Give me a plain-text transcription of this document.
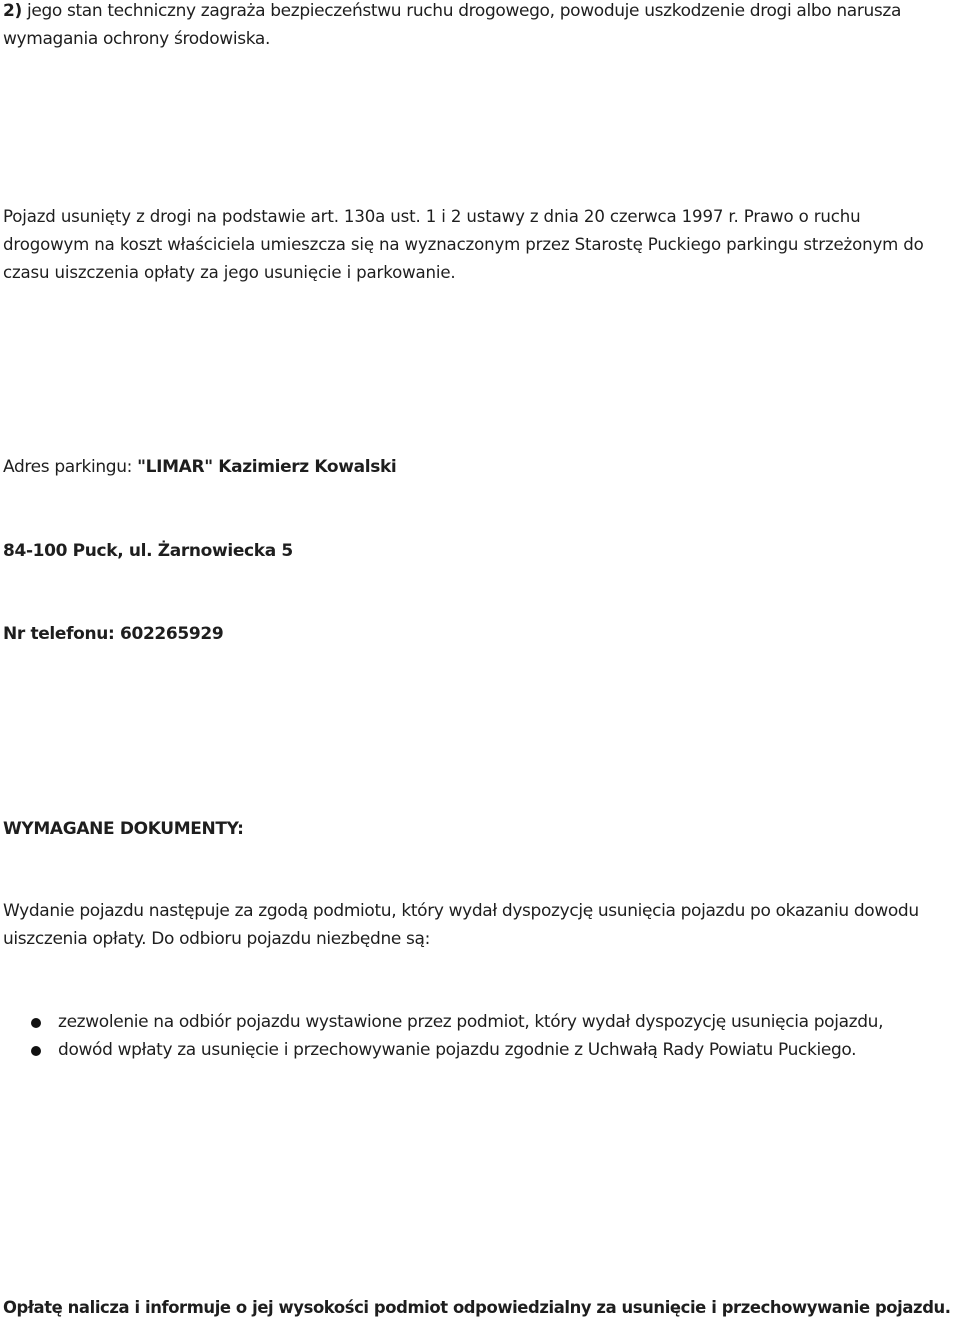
2) jego stan techniczny zagraża bezpieczeństwu ruchu drogowego, powoduje uszkodzenie drogi albo narusza wymagania ochrony środowiska.

Pojazd usunięty z drogi na podstawie art. 130a ust. 1 i 2 ustawy z dnia 20 czerwca 1997 r. Prawo o ruchu drogowym na koszt właściciela umieszcza się na wyznaczonym przez Starostę Puckiego parkingu strzeżonym do czasu uiszczenia opłaty za jego usunięcie i parkowanie.

Adres parkingu: "LIMAR" Kazimierz Kowalski

84-100 Puck, ul. Żarnowiecka 5

Nr telefonu: 602265929

WYMAGANE DOKUMENTY:

Wydanie pojazdu następuje za zgodą podmiotu, który wydał dyspozycję usunięcia pojazdu po okazaniu dowodu uiszczenia opłaty. Do odbioru pojazdu niezbędne są:

zezwolenie na odbiór pojazdu wystawione przez podmiot, który wydał dyspozycję usunięcia pojazdu,
dowód wpłaty za usunięcie i przechowywanie pojazdu zgodnie z Uchwałą Rady Powiatu Puckiego.

Opłatę nalicza i informuje o jej wysokości podmiot odpowiedzialny za usunięcie i przechowywanie pojazdu.
